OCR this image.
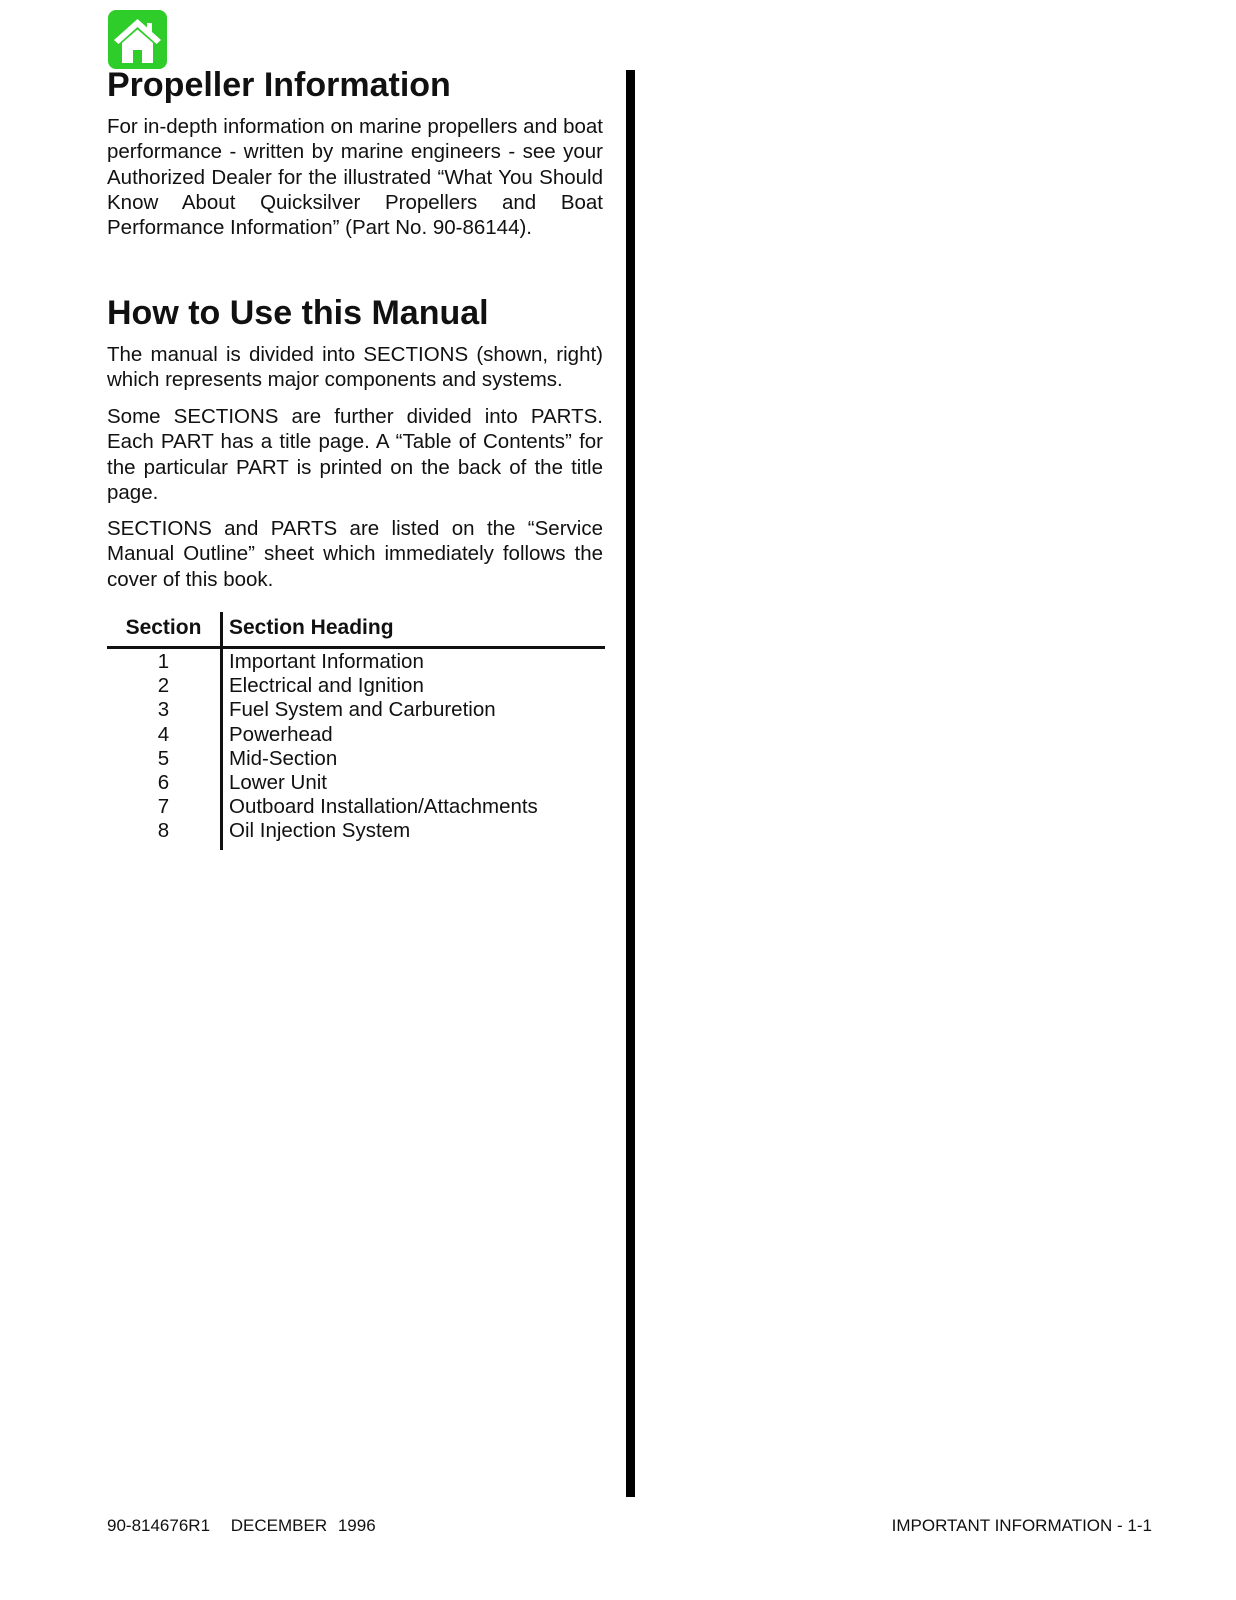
Propeller Information

For in-depth information on marine propellers and boat performance - written by marine engineers - see your Authorized Dealer for the illustrated “What You Should Know About Quicksilver Propellers and Boat Performance Information” (Part No. 90-86144).

How to Use this Manual

The manual is divided into SECTIONS (shown, right) which represents major components and systems.

Some SECTIONS are further divided into PARTS. Each PART has a title page. A “Table of Contents” for the particular PART is printed on the back of the title page.

SECTIONS and PARTS are listed on the “Service Manual Outline” sheet which immediately follows the cover of this book.

Section	Section Heading
1	Important Information
2	Electrical and Ignition
3	Fuel System and Carburetion
4	Powerhead
5	Mid-Section
6	Lower Unit
7	Outboard Installation/Attachments
8	Oil Injection System
90-814676R1 DECEMBER 1996	IMPORTANT INFORMATION - 1-1
